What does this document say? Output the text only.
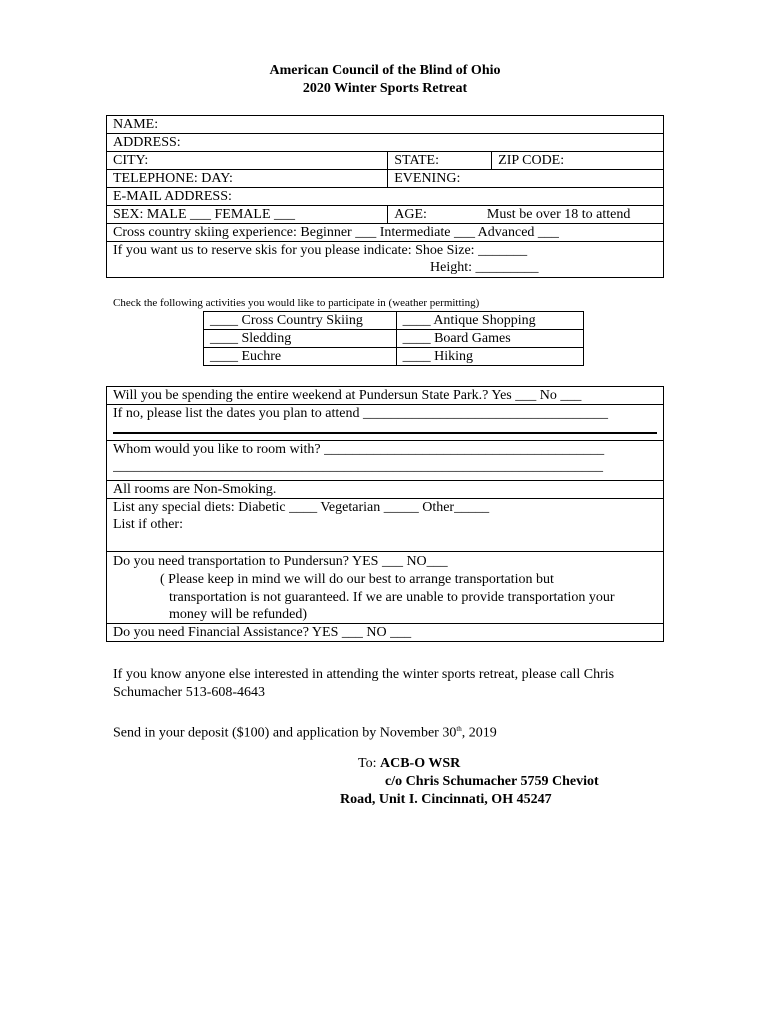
American Council of the Blind of Ohio
2020 Winter Sports Retreat
NAME:		
ADDRESS:		
CITY:	STATE:	ZIP CODE:
TELEPHONE: DAY:	EVENING:	
E-MAIL ADDRESS:		
SEX: MALE ___ FEMALE ___	AGE: Must be over 18 to attend	
Cross country skiing experience: Beginner ___ Intermediate ___ Advanced ___		

If you want us to reserve skis for you please indicate: Shoe Size: _______
Height: _________		
Check the following activities you would like to participate in (weather permitting)
____ Cross Country Skiing	____ Antique Shopping
____ Sledding	____ Board Games
____ Euchre	____ Hiking
Will you be spending the entire weekend at Pundersun State Park.? Yes ___ No ___

If no, please list the dates you plan to attend ___________________________________

Whom would you like to room with? ________________________________________
______________________________________________________________________

All rooms are Non-Smoking.

List any special diets: Diabetic ____ Vegetarian _____ Other_____
List if other:

Do you need transportation to Pundersun? YES ___ NO___
( Please keep in mind we will do our best to arrange transportation but
transportation is not guaranteed. If we are unable to provide transportation your
money will be refunded)

Do you need Financial Assistance? YES ___ NO ___
If you know anyone else interested in attending the winter sports retreat, please call Chris
Schumacher 513-608-4643
Send in your deposit ($100) and application by November 30th, 2019
To: ACB-O WSR
c/o Chris Schumacher 5759 Cheviot
Road, Unit I. Cincinnati, OH 45247
